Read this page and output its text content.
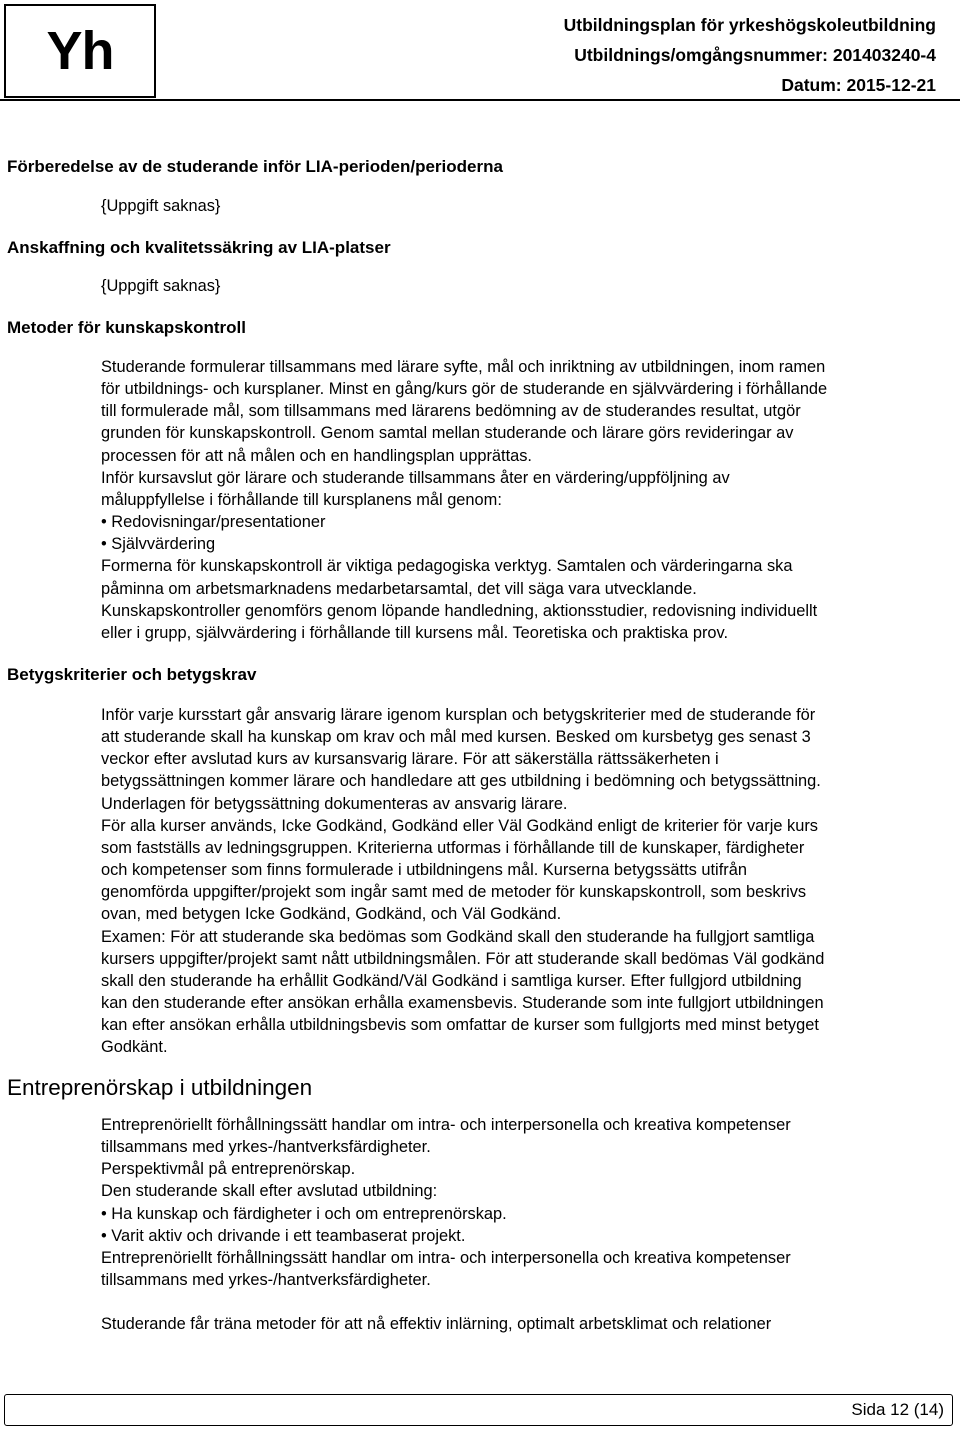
Yh	Utbildningsplan för yrkeshögskoleutbildning
Utbildnings/omgångsnummer: 201403240-4
Datum: 2015-12-21
Förberedelse av de studerande inför LIA-perioden/perioderna
{Uppgift saknas}
Anskaffning och kvalitetssäkring av LIA-platser
{Uppgift saknas}
Metoder för kunskapskontroll

Studerande formulerar tillsammans med lärare syfte, mål och inriktning av utbildningen, inom ramen

för utbildnings- och kursplaner. Minst en gång/kurs gör de studerande en självvärdering i förhållande

till formulerade mål, som tillsammans med lärarens bedömning av de studerandes resultat, utgör

grunden för kunskapskontroll. Genom samtal mellan studerande och lärare görs revideringar av

processen för att nå målen och en handlingsplan upprättas.

Inför kursavslut gör lärare och studerande tillsammans åter en värdering/uppföljning av

måluppfyllelse i förhållande till kursplanens mål genom:

• Redovisningar/presentationer

• Självvärdering

Formerna för kunskapskontroll är viktiga pedagogiska verktyg. Samtalen och värderingarna ska

påminna om arbetsmarknadens medarbetarsamtal, det vill säga vara utvecklande.

Kunskapskontroller genomförs genom löpande handledning, aktionsstudier, redovisning individuellt

eller i grupp, självvärdering i förhållande till kursens mål. Teoretiska och praktiska prov.

Betygskriterier och betygskrav

Inför varje kursstart går ansvarig lärare igenom kursplan och betygskriterier med de studerande för

att studerande skall ha kunskap om krav och mål med kursen. Besked om kursbetyg ges senast 3

veckor efter avslutad kurs av kursansvarig lärare. För att säkerställa rättssäkerheten i

betygssättningen kommer lärare och handledare att ges utbildning i bedömning och betygssättning.

Underlagen för betygssättning dokumenteras av ansvarig lärare.

För alla kurser används, Icke Godkänd, Godkänd eller Väl Godkänd enligt de kriterier för varje kurs

som fastställs av ledningsgruppen. Kriterierna utformas i förhållande till de kunskaper, färdigheter

och kompetenser som finns formulerade i utbildningens mål. Kurserna betygssätts utifrån

genomförda uppgifter/projekt som ingår samt med de metoder för kunskapskontroll, som beskrivs

ovan, med betygen Icke Godkänd, Godkänd, och Väl Godkänd.

Examen: För att studerande ska bedömas som Godkänd skall den studerande ha fullgjort samtliga

kursers uppgifter/projekt samt nått utbildningsmålen. För att studerande skall bedömas Väl godkänd

skall den studerande ha erhållit Godkänd/Väl Godkänd i samtliga kurser. Efter fullgjord utbildning

kan den studerande efter ansökan erhålla examensbevis. Studerande som inte fullgjort utbildningen

kan efter ansökan erhålla utbildningsbevis som omfattar de kurser som fullgjorts med minst betyget

Godkänt.

Entreprenörskap i utbildningen

Entreprenöriellt förhållningssätt handlar om intra- och interpersonella och kreativa kompetenser

tillsammans med yrkes-/hantverksfärdigheter.

Perspektivmål på entreprenörskap.

Den studerande skall efter avslutad utbildning:

• Ha kunskap och färdigheter i och om entreprenörskap.

• Varit aktiv och drivande i ett teambaserat projekt.

Entreprenöriellt förhållningssätt handlar om intra- och interpersonella och kreativa kompetenser

tillsammans med yrkes-/hantverksfärdigheter.

Studerande får träna metoder för att nå effektiv inlärning, optimalt arbetsklimat och relationer
Sida 12 (14)
